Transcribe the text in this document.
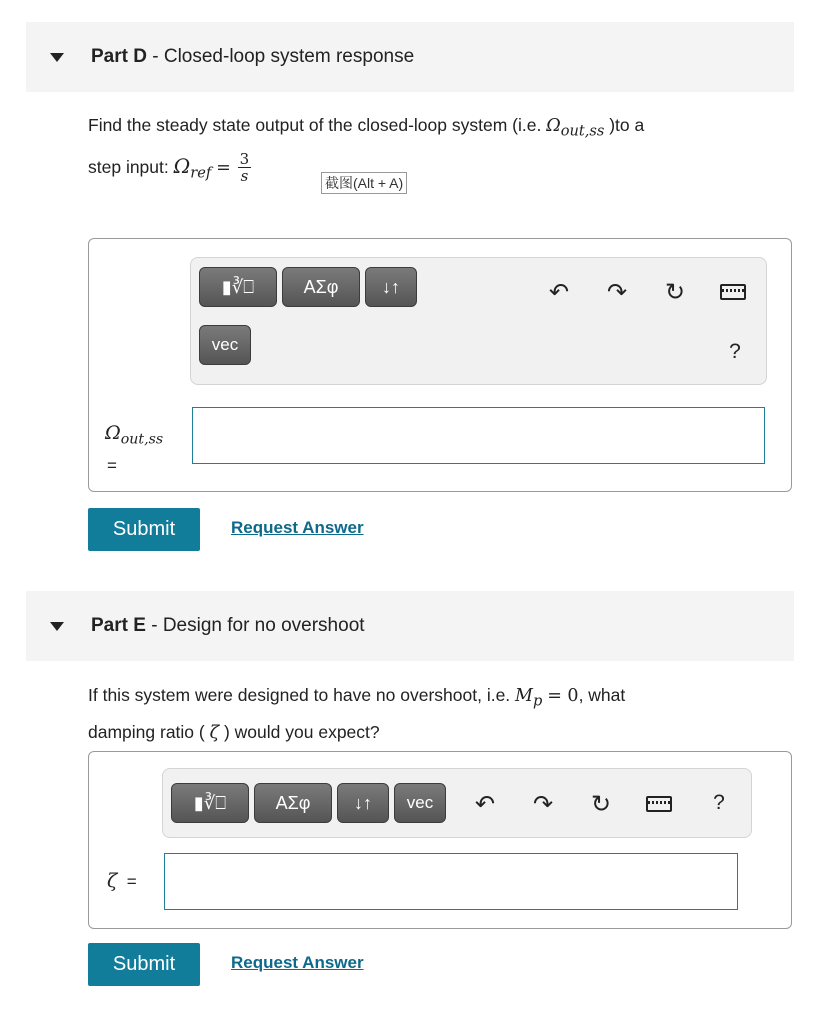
Part D - Closed-loop system response
Find the steady state output of the closed-loop system (i.e. $\Omega_{out,ss}$ )to a
step input: $\Omega_{ref} = \frac{3}{s}$	截图(Alt + A)
▮∛⎕	AΣφ	↓↑
vec
↶ ↷ ↻
?
$\Omega_{out,ss}$
=
Submit	Request Answer
Part E - Design for no overshoot
If this system were designed to have no overshoot, i.e. $M_p = 0$, what
damping ratio ( ζ ) would you expect?
▮∛⎕	AΣφ	↓↑	vec	↶ ↷ ↻	?
ζ =
Submit	Request Answer
